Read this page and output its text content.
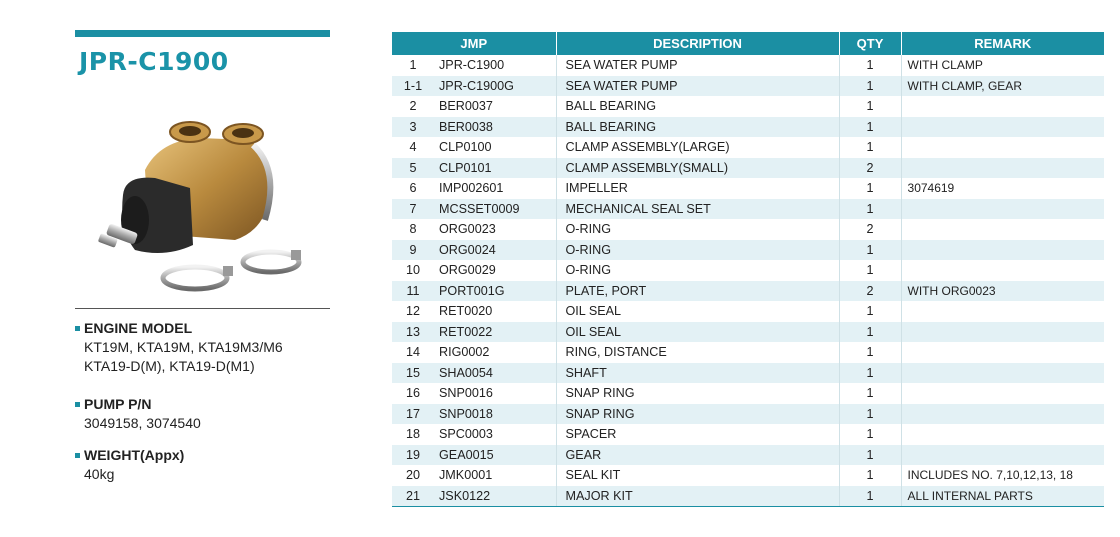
JPR-C1900
ENGINE MODEL
KT19M, KTA19M, KTA19M3/M6
KTA19-D(M), KTA19-D(M1)
PUMP P/N
3049158, 3074540
WEIGHT(Appx)
40kg
JMP		DESCRIPTION	QTY	REMARK
1	JPR-C1900	SEA WATER PUMP	1	WITH CLAMP
1-1	JPR-C1900G	SEA WATER PUMP	1	WITH CLAMP, GEAR
2	BER0037	BALL BEARING	1	
3	BER0038	BALL BEARING	1	
4	CLP0100	CLAMP ASSEMBLY(LARGE)	1	
5	CLP0101	CLAMP ASSEMBLY(SMALL)	2	
6	IMP002601	IMPELLER	1	3074619
7	MCSSET0009	MECHANICAL SEAL SET	1	
8	ORG0023	O-RING	2	
9	ORG0024	O-RING	1	
10	ORG0029	O-RING	1	
11	PORT001G	PLATE, PORT	2	WITH ORG0023
12	RET0020	OIL SEAL	1	
13	RET0022	OIL SEAL	1	
14	RIG0002	RING, DISTANCE	1	
15	SHA0054	SHAFT	1	
16	SNP0016	SNAP RING	1	
17	SNP0018	SNAP RING	1	
18	SPC0003	SPACER	1	
19	GEA0015	GEAR	1	
20	JMK0001	SEAL KIT	1	INCLUDES NO. 7,10,12,13, 18
21	JSK0122	MAJOR KIT	1	ALL INTERNAL PARTS
